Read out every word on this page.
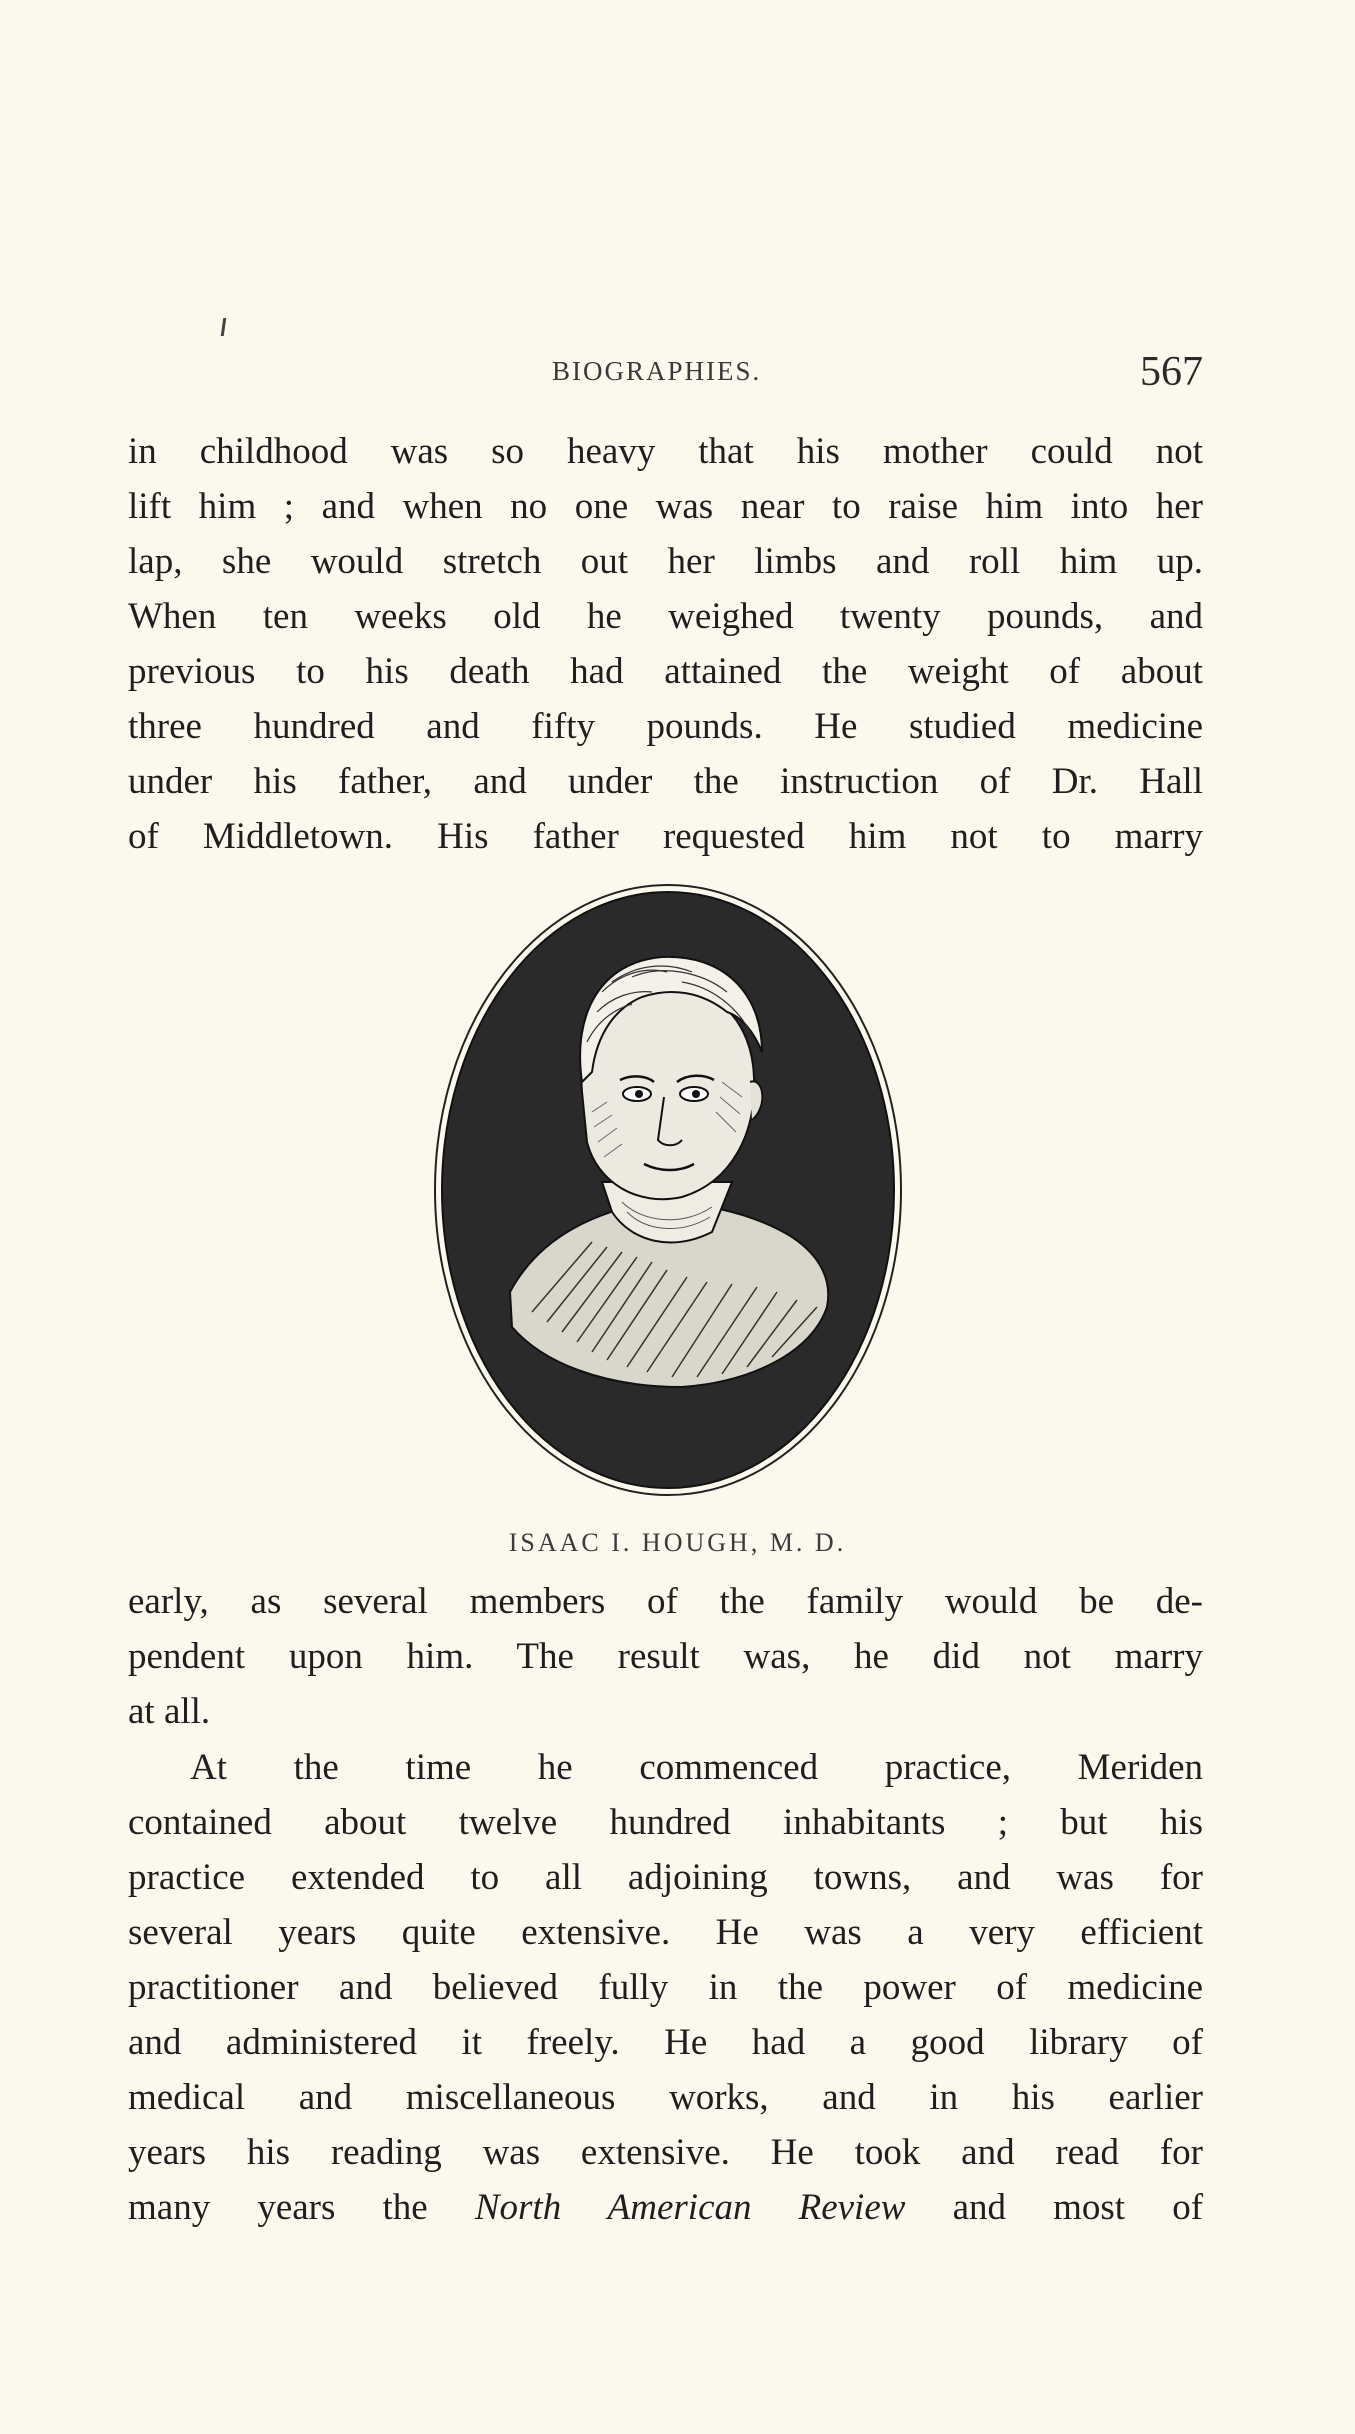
BIOGRAPHIES.	567

in childhood was so heavy that his mother could not
lift him ; and when no one was near to raise him into her
lap, she would stretch out her limbs and roll him up.
When ten weeks old he weighed twenty pounds, and
previous to his death had attained the weight of about
three hundred and fifty pounds. He studied medicine
under his father, and under the instruction of Dr. Hall
of Middletown. His father requested him not to marry

ISAAC I. HOUGH, M. D.

early, as several members of the family would be de-
pendent upon him. The result was, he did not marry
at all.

At the time he commenced practice, Meriden
contained about twelve hundred inhabitants ; but his
practice extended to all adjoining towns, and was for
several years quite extensive. He was a very efficient
practitioner and believed fully in the power of medicine
and administered it freely. He had a good library of
medical and miscellaneous works, and in his earlier
years his reading was extensive. He took and read for
many years the North American Review and most of
